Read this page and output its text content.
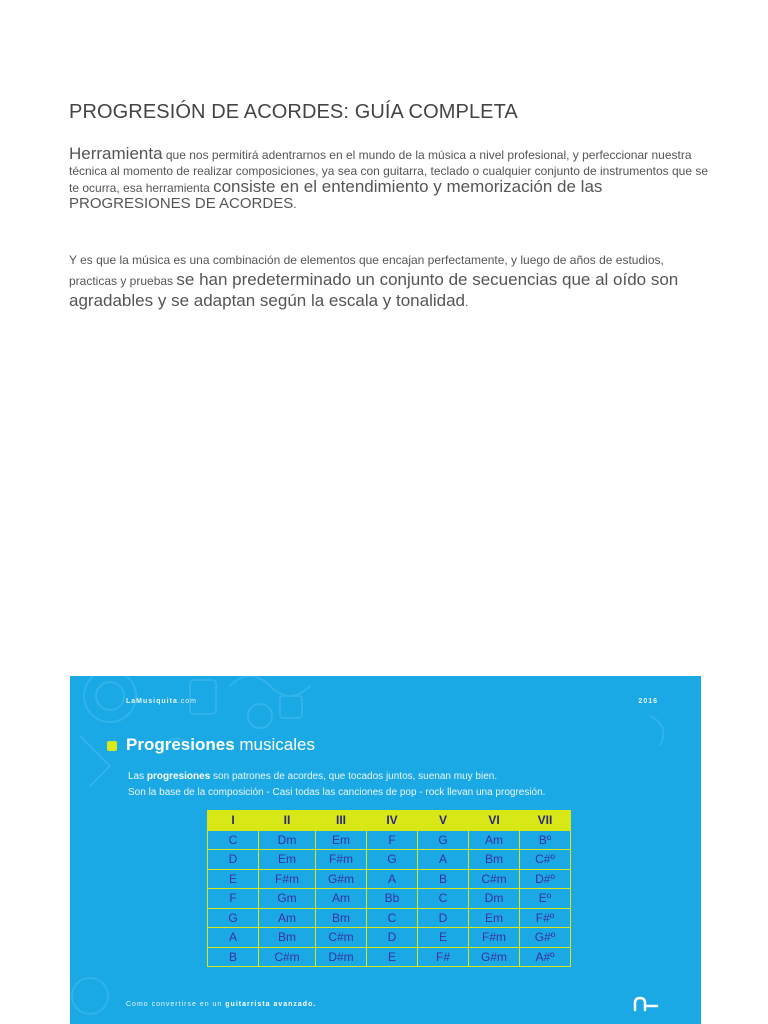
PROGRESIÓN DE ACORDES: GUÍA COMPLETA
Herramienta que nos permitirá adentrarnos en el mundo de la música a nivel profesional, y perfeccionar nuestra técnica al momento de realizar composiciones, ya sea con guitarra, teclado o cualquier conjunto de instrumentos que se te ocurra, esa herramienta consiste en el entendimiento y memorización de las PROGRESIONES DE ACORDES.
Y es que la música es una combinación de elementos que encajan perfectamente, y luego de años de estudios, practicas y pruebas se han predeterminado un conjunto de secuencias que al oído son agradables y se adaptan según la escala y tonalidad.
LaMusiquita.com	2016
Progresiones musicales
Las progresiones son patrones de acordes, que tocados juntos, suenan muy bien.
Son la base de la composición - Casi todas las canciones de pop - rock llevan una progresión.
I	II	III	IV	V	VI	VII
C	Dm	Em	F	G	Am	Bº
D	Em	F#m	G	A	Bm	C#º
E	F#m	G#m	A	B	C#m	D#º
F	Gm	Am	Bb	C	Dm	Eº
G	Am	Bm	C	D	Em	F#º
A	Bm	C#m	D	E	F#m	G#º
B	C#m	D#m	E	F#	G#m	A#º
Como convertirse en un guitarrista avanzado.
